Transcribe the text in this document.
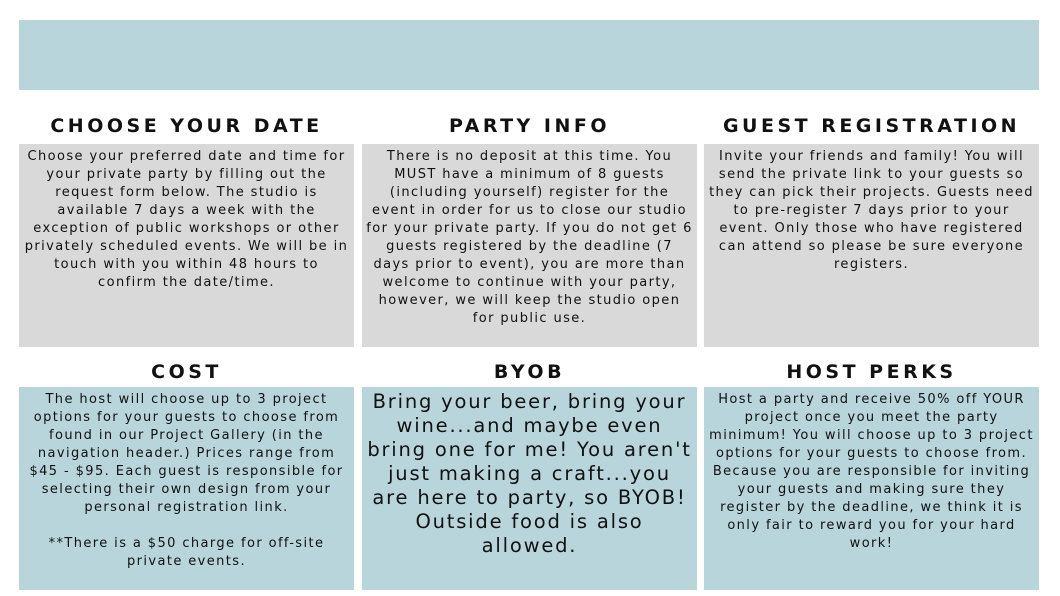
CHOOSE YOUR DATE

Choose your preferred date and time for your private party by filling out the request form below. The studio is available 7 days a week with the exception of public workshops or other privately scheduled events. We will be in touch with you within 48 hours to confirm the date/time.

PARTY INFO

There is no deposit at this time. You MUST have a minimum of 8 guests (including yourself) register for the event in order for us to close our studio for your private party. If you do not get 6 guests registered by the deadline (7 days prior to event), you are more than welcome to continue with your party, however, we will keep the studio open for public use.

GUEST REGISTRATION

Invite your friends and family! You will send the private link to your guests so they can pick their projects. Guests need to pre-register 7 days prior to your event. Only those who have registered can attend so please be sure everyone registers.

COST

The host will choose up to 3 project options for your guests to choose from found in our Project Gallery (in the navigation header.) Prices range from $45 - $95. Each guest is responsible for selecting their own design from your personal registration link.

**There is a $50 charge for off-site private events.

BYOB

Bring your beer, bring your wine...and maybe even bring one for me! You aren't just making a craft...you are here to party, so BYOB! Outside food is also allowed.

HOST PERKS

Host a party and receive 50% off YOUR project once you meet the party minimum! You will choose up to 3 project options for your guests to choose from. Because you are responsible for inviting your guests and making sure they register by the deadline, we think it is only fair to reward you for your hard work!
